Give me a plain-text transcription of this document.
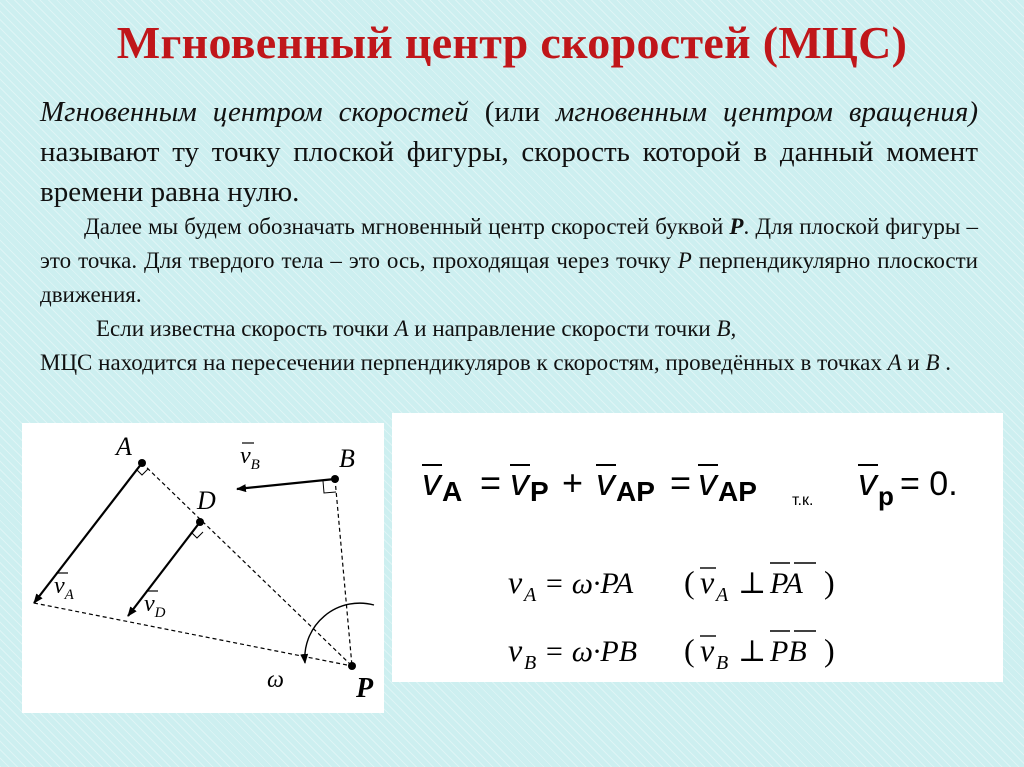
Мгновенный центр скоростей (МЦС)
Мгновенным центром скоростей (или мгновенным центром вращения) называют ту точку плоской фигуры, скорость которой в данный момент времени равна нулю.
Далее мы будем обозначать мгновенный центр скоростей буквой P. Для плоской фигуры – это точка. Для твердого тела – это ось, проходящая через точку P перпендикулярно плоскости движения.
Если известна скорость точки A и направление скорости точки B,
МЦС находится на пересечении перпендикуляров к скоростям, проведённых в точках A и B .
A
D
B
P
ω
$v_A$	$v_D$
$v_B$	v A = v P + v AP = v AP т.к. v p = 0.
v A = ω·PA ( v A ⊥ PA )
v B = ω·PB ( v B ⊥ PB )
